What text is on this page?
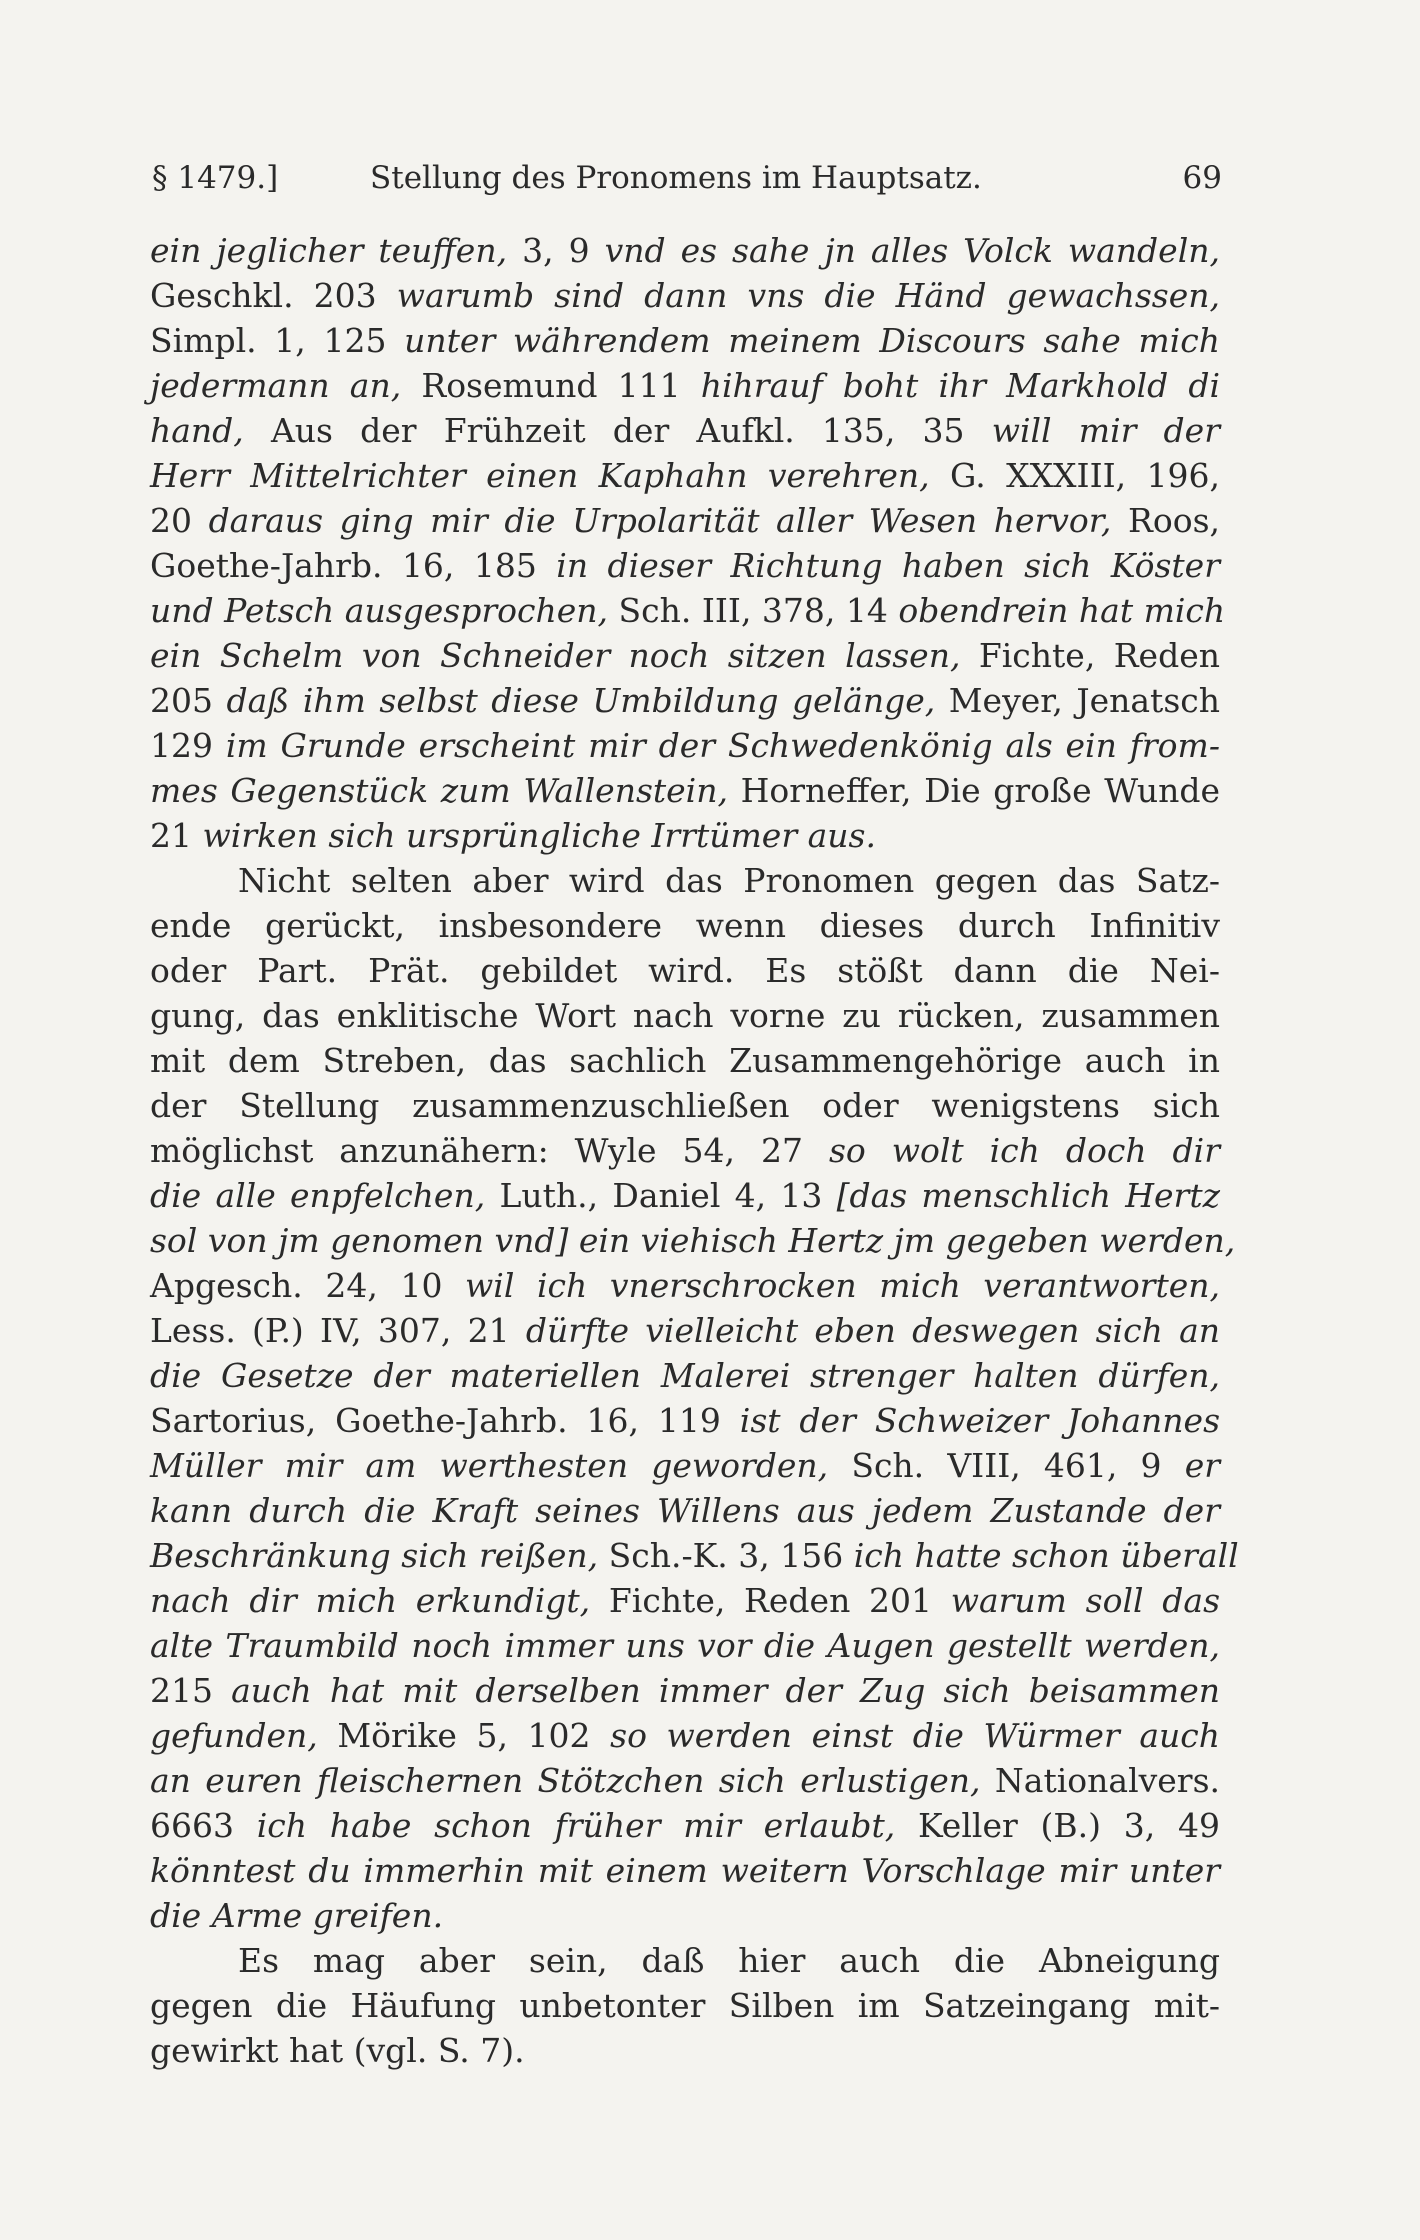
§ 1479.]	Stellung des Pronomens im Hauptsatz.	69
ein jeglicher teuffen, 3, 9 vnd es sahe jn alles Volck wandeln,
Geschkl. 203 warumb sind dann vns die Händ gewachssen,
Simpl. 1, 125 unter währendem meinem Discours sahe mich
jedermann an, Rosemund 111 hihrauf boht ihr Markhold di
hand, Aus der Frühzeit der Aufkl. 135, 35 will mir der
Herr Mittelrichter einen Kaphahn verehren, G. XXXIII, 196,
20 daraus ging mir die Urpolarität aller Wesen hervor, Roos,
Goethe-Jahrb. 16, 185 in dieser Richtung haben sich Köster
und Petsch ausgesprochen, Sch. III, 378, 14 obendrein hat mich
ein Schelm von Schneider noch sitzen lassen, Fichte, Reden
205 daß ihm selbst diese Umbildung gelänge, Meyer, Jenatsch
129 im Grunde erscheint mir der Schwedenkönig als ein from-
mes Gegenstück zum Wallenstein, Horneffer, Die große Wunde
21 wirken sich ursprüngliche Irrtümer aus.
Nicht selten aber wird das Pronomen gegen das Satz-
ende gerückt, insbesondere wenn dieses durch Infinitiv
oder Part. Prät. gebildet wird. Es stößt dann die Nei-
gung, das enklitische Wort nach vorne zu rücken, zusammen
mit dem Streben, das sachlich Zusammengehörige auch in
der Stellung zusammenzuschließen oder wenigstens sich
möglichst anzunähern: Wyle 54, 27 so wolt ich doch dir
die alle enpfelchen, Luth., Daniel 4, 13 [das menschlich Hertz
sol von jm genomen vnd] ein viehisch Hertz jm gegeben werden,
Apgesch. 24, 10 wil ich vnerschrocken mich verantworten,
Less. (P.) IV, 307, 21 dürfte vielleicht eben deswegen sich an
die Gesetze der materiellen Malerei strenger halten dürfen,
Sartorius, Goethe-Jahrb. 16, 119 ist der Schweizer Johannes
Müller mir am werthesten geworden, Sch. VIII, 461, 9 er
kann durch die Kraft seines Willens aus jedem Zustande der
Beschränkung sich reißen, Sch.-K. 3, 156 ich hatte schon überall
nach dir mich erkundigt, Fichte, Reden 201 warum soll das
alte Traumbild noch immer uns vor die Augen gestellt werden,
215 auch hat mit derselben immer der Zug sich beisammen
gefunden, Mörike 5, 102 so werden einst die Würmer auch
an euren fleischernen Stötzchen sich erlustigen, Nationalvers.
6663 ich habe schon früher mir erlaubt, Keller (B.) 3, 49
könntest du immerhin mit einem weitern Vorschlage mir unter
die Arme greifen.
Es mag aber sein, daß hier auch die Abneigung
gegen die Häufung unbetonter Silben im Satzeingang mit-
gewirkt hat (vgl. S. 7).
